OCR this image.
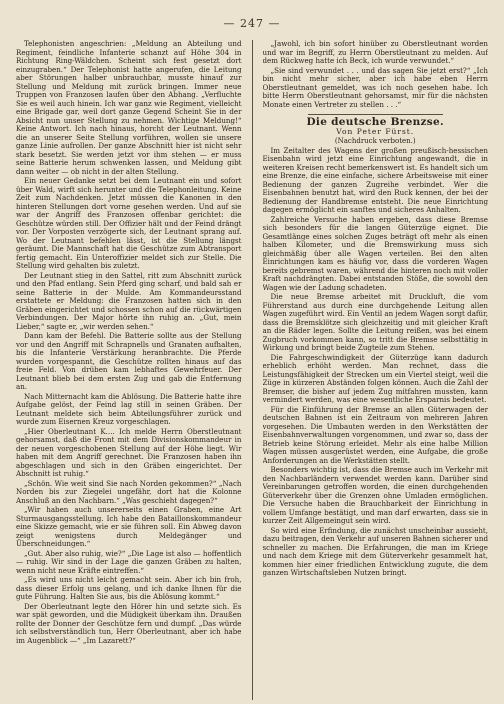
— 247 —

Telephonisten angeschrien: „Meldung an Abteilung und Regiment, feindliche Infanterie schanzt auf Höhe 304 in Richtung Ring-Wäldchen. Scheint sich fest gesetzt dort einzugraben.“ Der Telephonist hatte angerufen, die Leitung aber Störungen halber unbrauchbar, musste hinauf zur Stellung und Meldung mit zurück bringen. Immer neue Truppen von Franzosen laufen über den Abhang. „Verfluchte Sie es weil auch hinein. Ich war ganz wie Regiment, vielleicht eine Brigade gar, weil dort ganze Gegend Scheint Sie in der Absicht nun unser Stellung zu nehmen. Wichtige Meldung!“ Keine Antwort. Ich nach hinaus, horcht der Leutnant. Wenn die an unserer Seite Stellung vorführen, wollen sie unsere ganze Linie aufrollen. Der ganze Abschnitt hier ist nicht sehr stark besetzt. Sie werden jetzt vor ihm stehen — er muss seine Batterie herum schwenken lassen, und Meldung gibt dann weiter — ob nicht in der alten Stellung.

Ein neuer Gedanke setzt bei dem Leutnant ein und sofort über Wald, wirft sich herunter und die Telephonleitung. Keine Zeit zum Nachdenken. Jetzt müssen die Kanonen in den hinteren Stellungen dort vorne gesehen werden. Und auf sie war der Angriff des Franzosen offenbar gerichtet: die Geschütze würden still. Der Offizier hält und der Feind drängt vor. Der Vorposten verzögerte sich, der Leutnant sprang auf. Wo der Leutnant befehlen lässt, ist die Stellung längst geräumt. Die Mannschaft hat die Geschütze zum Abtransport fertig gemacht. Ein Unteroffizier meldet sich zur Stelle. Die Stellung wird gehalten bis zuletzt.

Der Leutnant stieg in den Sattel, ritt zum Abschnitt zurück und den Pfad entlang. Sein Pferd ging scharf, und bald sah er seine Batterie in der Mulde. Am Kommandeursstand erstattete er Meldung: die Franzosen hatten sich in den Gräben eingerichtet und schossen schon auf die rückwärtigen Verbindungen. Der Major hörte ihn ruhig an. „Gut, mein Lieber,“ sagte er, „wir werden sehen.“

Dann kam der Befehl. Die Batterie sollte aus der Stellung vor und den Angriff mit Schrapnells und Granaten aufhalten, bis die Infanterie Verstärkung heranbrachte. Die Pferde wurden vorgespannt, die Geschütze rollten hinaus auf das freie Feld. Von drüben kam lebhaftes Gewehrfeuer. Der Leutnant blieb bei dem ersten Zug und gab die Entfernung an.

Nach Mitternacht kam die Ablösung. Die Batterie hatte ihre Aufgabe gelöst, der Feind lag still in seinen Gräben. Der Leutnant meldete sich beim Abteilungsführer zurück und wurde zum Eisernen Kreuz vorgeschlagen.

„Hier Oberleutnant K.... Ich melde Herrn Oberstleutnant gehorsamst, daß die Front mit dem Divisionskommandeur in der neuen vorgeschobenen Stellung auf der Höhe liegt. Wir haben mit dem Angriff gerechnet. Die Franzosen haben ihn abgeschlagen und sich in den Gräben eingerichtet. Der Abschnitt ist ruhig.“

„Schön. Wie weit sind Sie nach Norden gekommen?“ „Nach Norden bis zur Ziegelei ungefähr, dort hat die Kolonne Anschluß an den Nachbarn.“ „Was geschieht dagegen?“

„Wir haben auch unsererseits einen Graben, eine Art Sturmausgangsstellung. Ich habe den Bataillonskommandeur eine Skizze gemacht, wie er sie führen soll. Ein Abweg davon zeigt wenigstens durch Meldegänger und Überschneidungen.“

„Gut. Aber also ruhig, wie?“ „Die Lage ist also — hoffentlich — ruhig. Wir sind in der Lage die ganzen Gräben zu halten, wenn nicht neue Kräfte eintreffen.“

„Es wird uns nicht leicht gemacht sein. Aber ich bin froh, dass dieser Erfolg uns gelang, und ich danke Ihnen für die gute Führung. Halten Sie aus, bis die Ablösung kommt.“

Der Oberleutnant legte den Hörer hin und setzte sich. Es war spät geworden, und die Müdigkeit überkam ihn. Draußen rollte der Donner der Geschütze fern und dumpf. „Das würde ich selbstverständlich tun, Herr Oberleutnant, aber ich habe im Augenblick —“ „Im Lazarett?“

„Jawohl, ich bin sofort hinüber zu Oberstleutnant worden und war im Begriff, zu Herrn Oberstleutnant zu melden. Auf dem Rückweg hatte ich Beck, ich wurde verwundet.“

„Sie sind verwundet . . . und das sagen Sie jetzt erst?“ „Ich bin nicht mehr sicher, aber ich habe eben Herrn Oberstleutnant gemeldet, was ich noch gesehen habe. Ich bitte Herrn Oberstleutnant gehorsamst, mir für die nächsten Monate einen Vertreter zu stellen . . .“

Die deutsche Brenzse.

Von Peter Fürst.

(Nachdruck verboten.)

Im Zeitalter des Wagens der großen preußisch-hessischen Eisenbahn wird jetzt eine Einrichtung angewandt, die in weiteren Kreisen recht bemerkenswert ist. Es handelt sich um eine Brenze, die eine einfache, sichere Arbeitsweise mit einer Bedienung der ganzen Zugreihe verbindet. Wer die Eisenbahnen benutzt hat, wird den Ruck kennen, der bei der Bedienung der Handbremse entsteht. Die neue Einrichtung dagegen ermöglicht ein sanftes und sicheres Anhalten.

Zahlreiche Versuche haben ergeben, dass diese Bremse sich besonders für die langen Güterzüge eignet. Die Gesamtlänge eines solchen Zuges beträgt oft mehr als einen halben Kilometer, und die Bremswirkung muss sich gleichmäßig über alle Wagen verteilen. Bei den alten Einrichtungen kam es häufig vor, dass die vorderen Wagen bereits gebremst waren, während die hinteren noch mit voller Kraft nachdrängten. Dabei entstanden Stöße, die sowohl den Wagen wie der Ladung schadeten.

Die neue Bremse arbeitet mit Druckluft, die vom Führerstand aus durch eine durchgehende Leitung allen Wagen zugeführt wird. Ein Ventil an jedem Wagen sorgt dafür, dass die Bremsklötze sich gleichzeitig und mit gleicher Kraft an die Räder legen. Sollte die Leitung reißen, was bei einem Zugbruch vorkommen kann, so tritt die Bremse selbsttätig in Wirkung und bringt beide Zugteile zum Stehen.

Die Fahrgeschwindigkeit der Güterzüge kann dadurch erheblich erhöht werden. Man rechnet, dass die Leistungsfähigkeit der Strecken um ein Viertel steigt, weil die Züge in kürzeren Abständen folgen können. Auch die Zahl der Bremser, die bisher auf jedem Zug mitfahren mussten, kann vermindert werden, was eine wesentliche Ersparnis bedeutet.

Für die Einführung der Bremse an allen Güterwagen der deutschen Bahnen ist ein Zeitraum von mehreren Jahren vorgesehen. Die Umbauten werden in den Werkstätten der Eisenbahnverwaltungen vorgenommen, und zwar so, dass der Betrieb keine Störung erleidet. Mehr als eine halbe Million Wagen müssen ausgerüstet werden, eine Aufgabe, die große Anforderungen an die Werkstätten stellt.

Besonders wichtig ist, dass die Bremse auch im Verkehr mit den Nachbarländern verwendet werden kann. Darüber sind Vereinbarungen getroffen worden, die einen durchgehenden Güterverkehr über die Grenzen ohne Umladen ermöglichen. Die Versuche haben die Brauchbarkeit der Einrichtung in vollem Umfange bestätigt, und man darf erwarten, dass sie in kurzer Zeit Allgemeingut sein wird.

So wird eine Erfindung, die zunächst unscheinbar aussieht, dazu beitragen, den Verkehr auf unseren Bahnen sicherer und schneller zu machen. Die Erfahrungen, die man im Kriege und nach dem Kriege mit dem Güterverkehr gesammelt hat, kommen hier einer friedlichen Entwicklung zugute, die dem ganzen Wirtschaftsleben Nutzen bringt.
